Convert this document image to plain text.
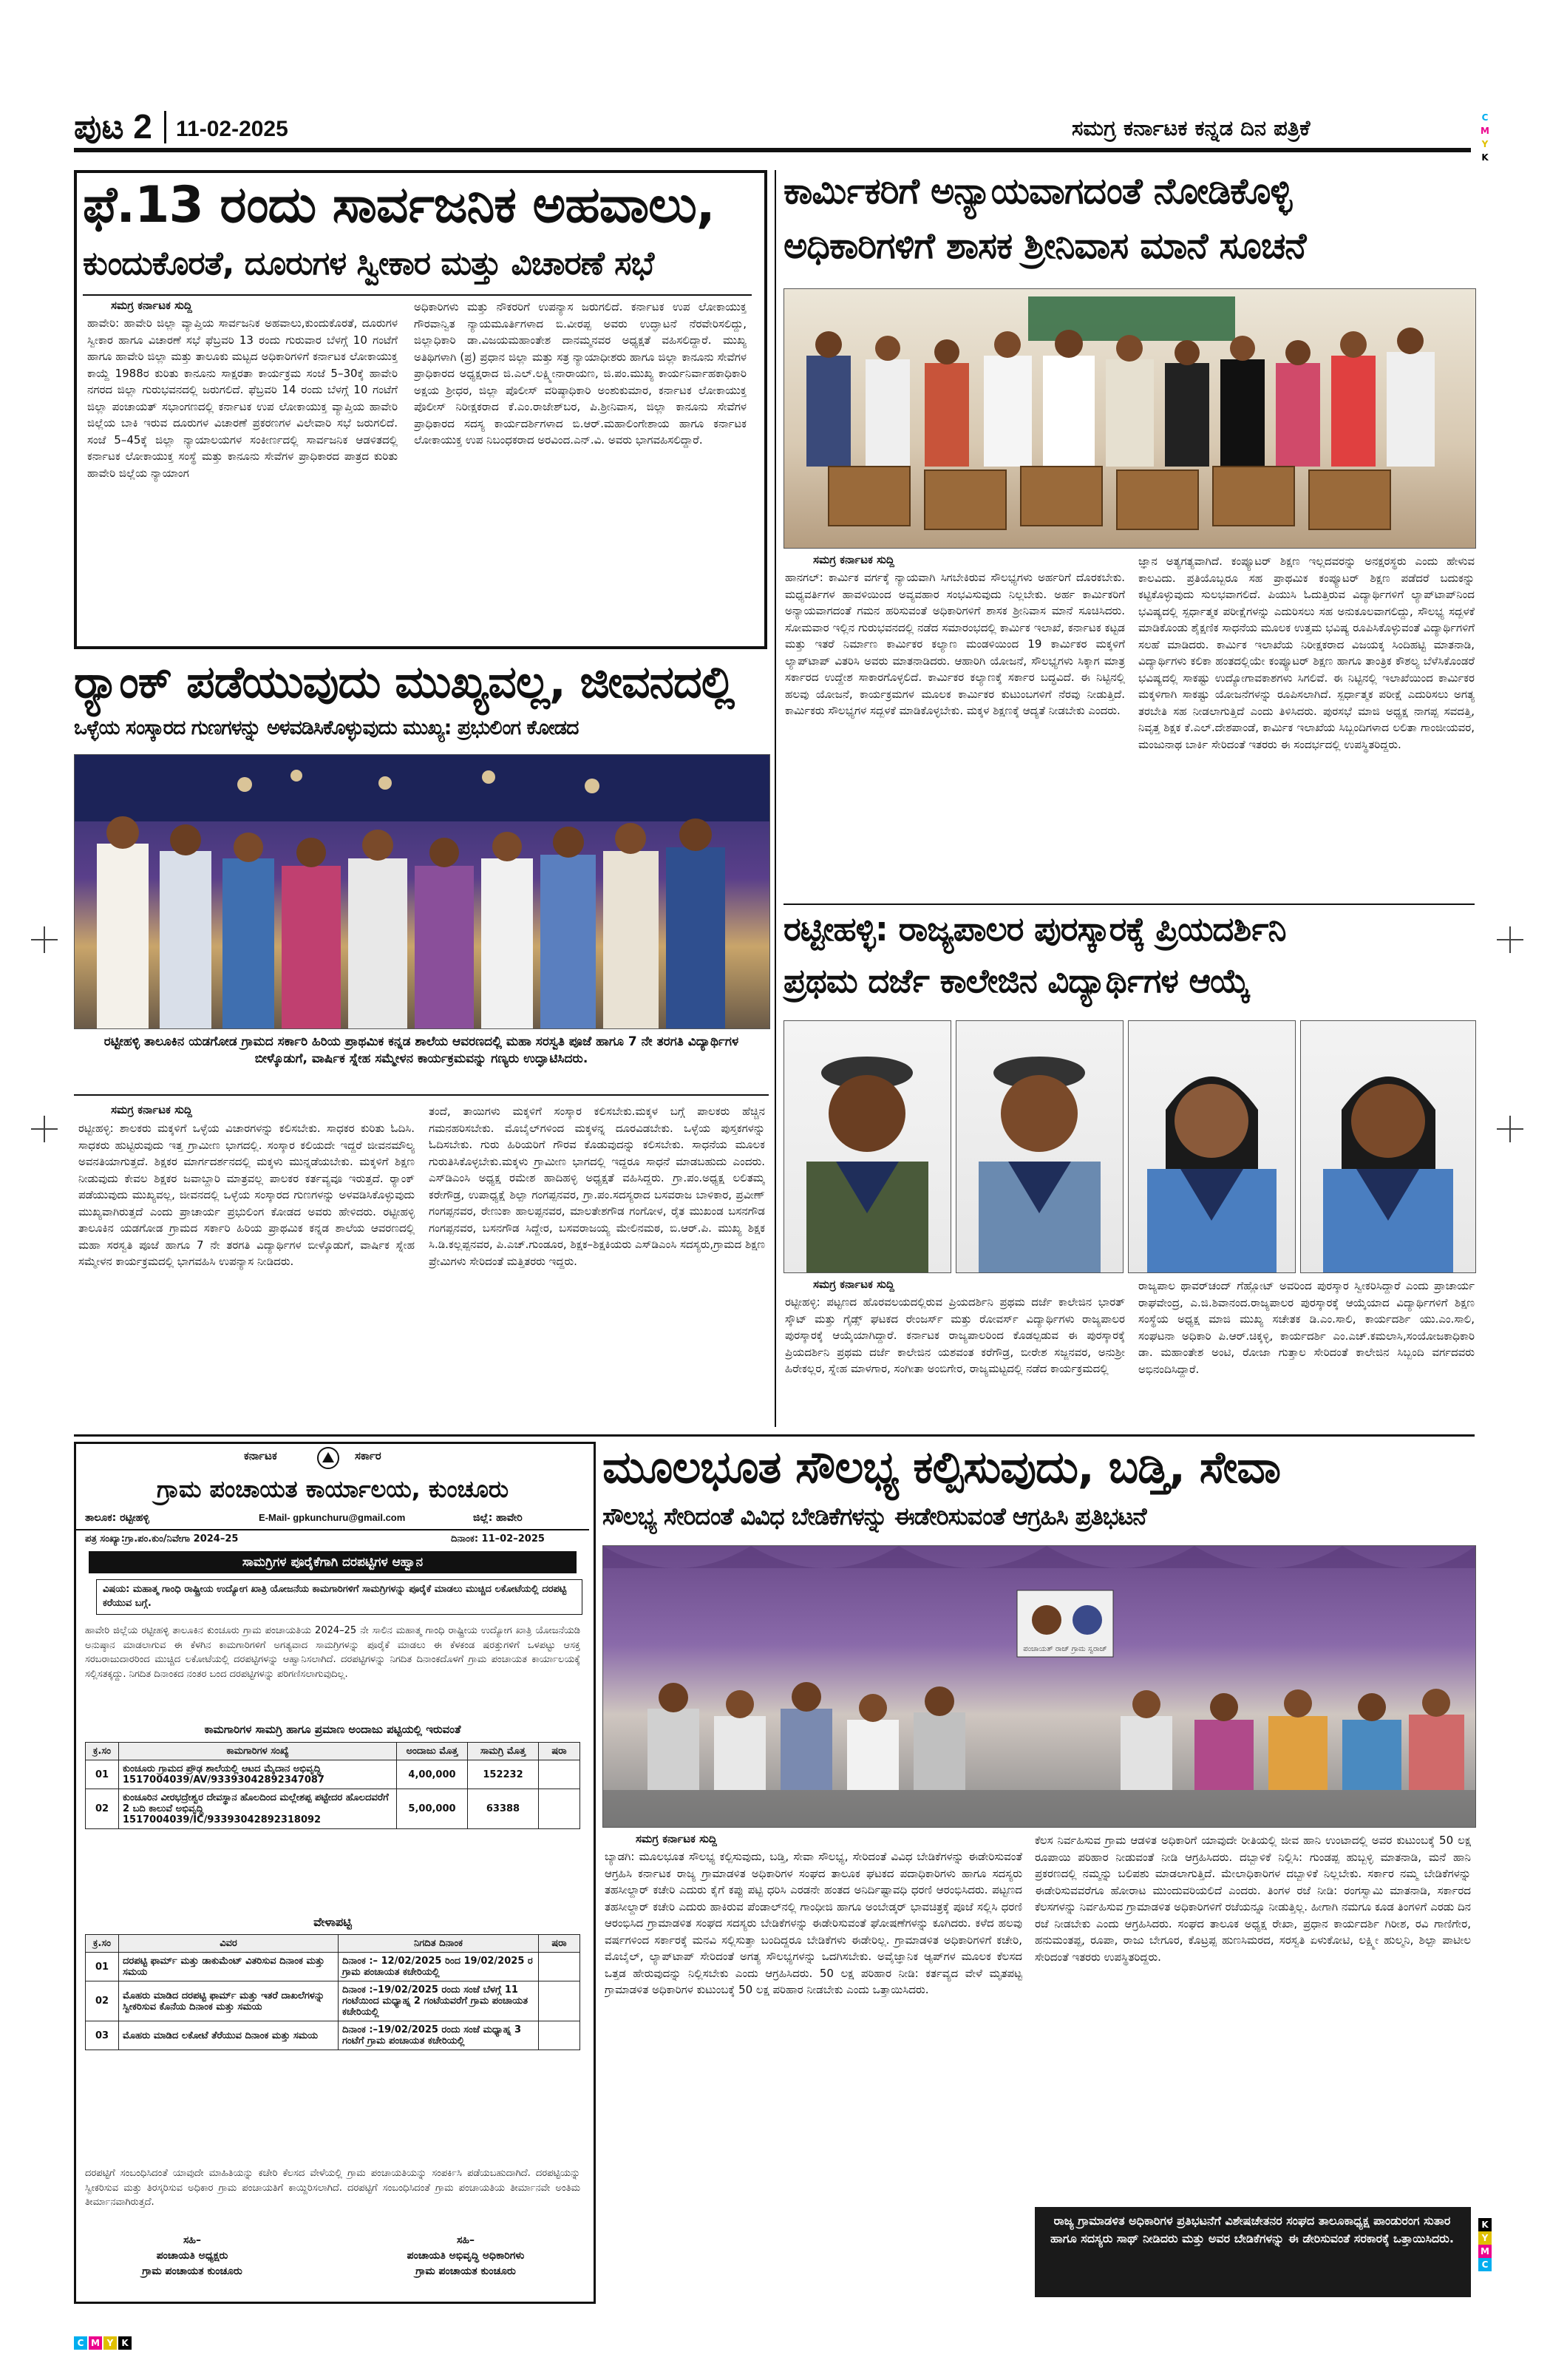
ಪುಟ 2 11-02-2025	ಸಮಗ್ರ ಕರ್ನಾಟಕ ಕನ್ನಡ ದಿನ ಪತ್ರಿಕೆ	C
M
Y
K
ಫೆ.13 ರಂದು ಸಾರ್ವಜನಿಕ ಅಹವಾಲು,
ಕುಂದುಕೊರತೆ, ದೂರುಗಳ ಸ್ವೀಕಾರ ಮತ್ತು ವಿಚಾರಣೆ ಸಭೆ
ಸಮಗ್ರ ಕರ್ನಾಟಕ ಸುದ್ದಿ

ಹಾವೇರಿ: ಹಾವೇರಿ ಜಿಲ್ಲಾ ವ್ಯಾಪ್ತಿಯ ಸಾರ್ವಜನಿಕ ಅಹವಾಲು,ಕುಂದುಕೊರತೆ, ದೂರುಗಳ ಸ್ವೀಕಾರ ಹಾಗೂ ವಿಚಾರಣೆ ಸಭೆ ಫೆಬ್ರವರಿ 13 ರಂದು ಗುರುವಾರ ಬೆಳಗ್ಗೆ 10 ಗಂಟೆಗೆ ಹಾಗೂ ಹಾವೇರಿ ಜಿಲ್ಲಾ ಮತ್ತು ತಾಲೂಕು ಮಟ್ಟದ ಅಧಿಕಾರಿಗಳಿಗೆ ಕರ್ನಾಟಕ ಲೋಕಾಯುಕ್ತ ಕಾಯ್ದೆ 1988ರ ಕುರಿತು ಕಾನೂನು ಸಾಕ್ಷರತಾ ಕಾರ್ಯಕ್ರಮ ಸಂಜೆ 5–30ಕ್ಕೆ ಹಾವೇರಿ ನಗರದ ಜಿಲ್ಲಾ ಗುರುಭವನದಲ್ಲಿ ಜರುಗಲಿದೆ. ಫೆಬ್ರವರಿ 14 ರಂದು ಬೆಳಗ್ಗೆ 10 ಗಂಟೆಗೆ ಜಿಲ್ಲಾ ಪಂಚಾಯತ್ ಸಭಾಂಗಣದಲ್ಲಿ ಕರ್ನಾಟಕ ಉಪ ಲೋಕಾಯುಕ್ತ ವ್ಯಾಪ್ತಿಯ ಹಾವೇರಿ ಜಿಲ್ಲೆಯ ಬಾಕಿ ಇರುವ ದೂರುಗಳ ವಿಚಾರಣೆ ಪ್ರಕರಣಗಳ ವಿಲೇವಾರಿ ಸಭೆ ಜರುಗಲಿದೆ. ಸಂಜೆ 5–45ಕ್ಕೆ ಜಿಲ್ಲಾ ನ್ಯಾಯಾಲಯಗಳ ಸಂಕೀರ್ಣದಲ್ಲಿ ಸಾರ್ವಜನಿಕ ಆಡಳಿತದಲ್ಲಿ ಕರ್ನಾಟಕ ಲೋಕಾಯುಕ್ತ ಸಂಸ್ಥೆ ಮತ್ತು ಕಾನೂನು ಸೇವೆಗಳ ಪ್ರಾಧಿಕಾರದ ಪಾತ್ರದ ಕುರಿತು ಹಾವೇರಿ ಜಿಲ್ಲೆಯ ನ್ಯಾಯಾಂಗ

ಅಧಿಕಾರಿಗಳು ಮತ್ತು ನೌಕರರಿಗೆ ಉಪನ್ಯಾಸ ಜರುಗಲಿದೆ. ಕರ್ನಾಟಕ ಉಪ ಲೋಕಾಯುಕ್ತ ಗೌರವಾನ್ವಿತ ನ್ಯಾಯಮೂರ್ತಿಗಳಾದ ಬಿ.ವೀರಪ್ಪ ಅವರು ಉದ್ಘಾಟನೆ ನೆರವೇರಿಸಲಿದ್ದು, ಜಿಲ್ಲಾಧಿಕಾರಿ ಡಾ.ವಿಜಯಮಹಾಂತೇಶ ದಾನಮ್ಮನವರ ಅಧ್ಯಕ್ಷತೆ ವಹಿಸಲಿದ್ದಾರೆ. ಮುಖ್ಯ ಅತಿಥಿಗಳಾಗಿ (ಪ್ರ) ಪ್ರಧಾನ ಜಿಲ್ಲಾ ಮತ್ತು ಸತ್ರ ನ್ಯಾಯಾಧೀಶರು ಹಾಗೂ ಜಿಲ್ಲಾ ಕಾನೂನು ಸೇವೆಗಳ ಪ್ರಾಧಿಕಾರದ ಅಧ್ಯಕ್ಷರಾದ ಜಿ.ಎಲ್.ಲಕ್ಷ್ಮೀನಾರಾಯಣ, ಜಿ.ಪಂ.ಮುಖ್ಯ ಕಾರ್ಯನಿರ್ವಾಹಕಾಧಿಕಾರಿ ಅಕ್ಷಯ ಶ್ರೀಧರ, ಜಿಲ್ಲಾ ಪೊಲೀಸ್ ವರಿಷ್ಠಾಧಿಕಾರಿ ಅಂಶುಕುಮಾರ, ಕರ್ನಾಟಕ ಲೋಕಾಯುಕ್ತ ಪೊಲೀಸ್ ನಿರೀಕ್ಷಕರಾದ ಕೆ.ಎಂ.ರಾಜೇಶ್‌ಬರ, ಪಿ.ಶ್ರೀನಿವಾಸ, ಜಿಲ್ಲಾ ಕಾನೂನು ಸೇವೆಗಳ ಪ್ರಾಧಿಕಾರದ ಸದಸ್ಯ ಕಾರ್ಯದರ್ಶಿಗಳಾದ ಬಿ.ಆರ್.ಮಹಾಲಿಂಗೇಶಾಯ ಹಾಗೂ ಕರ್ನಾಟಕ ಲೋಕಾಯುಕ್ತ ಉಪ ನಿಬಂಧಕರಾದ ಅರವಿಂದ.ಎನ್.ವಿ. ಅವರು ಭಾಗವಹಿಸಲಿದ್ದಾರೆ.

ರ್‍ಯಾಂಕ್ ಪಡೆಯುವುದು ಮುಖ್ಯವಲ್ಲ, ಜೀವನದಲ್ಲಿ
ಒಳ್ಳೆಯ ಸಂಸ್ಕಾರದ ಗುಣಗಳನ್ನು ಅಳವಡಿಸಿಕೊಳ್ಳುವುದು ಮುಖ್ಯ: ಪ್ರಭುಲಿಂಗ ಕೋಡದ
ರಟ್ಟೀಹಳ್ಳಿ ತಾಲೂಕಿನ ಯಡಗೋಡ ಗ್ರಾಮದ ಸರ್ಕಾರಿ ಹಿರಿಯ ಪ್ರಾಥಮಿಕ ಕನ್ನಡ ಶಾಲೆಯ ಆವರಣದಲ್ಲಿ ಮಹಾ ಸರಸ್ವತಿ ಪೂಜೆ ಹಾಗೂ 7 ನೇ ತರಗತಿ ವಿದ್ಯಾರ್ಥಿಗಳ ಬೀಳ್ಕೊಡುಗೆ, ವಾರ್ಷಿಕ ಸ್ನೇಹ ಸಮ್ಮೇಳನ ಕಾರ್ಯಕ್ರಮವನ್ನು ಗಣ್ಯರು ಉದ್ಘಾಟಿಸಿದರು.
ಸಮಗ್ರ ಕರ್ನಾಟಕ ಸುದ್ದಿ

ರಟ್ಟೀಹಳ್ಳಿ: ಶಾಲಕರು ಮಕ್ಕಳಿಗೆ ಒಳ್ಳೆಯ ವಿಚಾರಗಳನ್ನು ಕಲಿಸಬೇಕು. ಸಾಧಕರ ಕುರಿತು ಓದಿಸಿ. ಸಾಧಕರು ಹುಟ್ಟಿರುವುದು ಇತ್ತ ಗ್ರಾಮೀಣ ಭಾಗದಲ್ಲಿ. ಸಂಸ್ಕಾರ ಕಲಿಯದೇ ಇದ್ದರೆ ಜೀವನಮೌಲ್ಯ ಅವನತಿಯಾಗುತ್ತದೆ. ಶಿಕ್ಷಕರ ಮಾರ್ಗದರ್ಶನದಲ್ಲಿ ಮಕ್ಕಳು ಮುನ್ನಡೆಯಬೇಕು. ಮಕ್ಕಳಿಗೆ ಶಿಕ್ಷಣ ನೀಡುವುದು ಕೇವಲ ಶಿಕ್ಷಕರ ಜವಾಬ್ದಾರಿ ಮಾತ್ರವಲ್ಲ ಪಾಲಕರ ಕರ್ತವ್ಯವೂ ಇರುತ್ತದೆ. ರ್‍ಯಾಂಕ್ ಪಡೆಯುವುದು ಮುಖ್ಯವಲ್ಲ, ಜೀವನದಲ್ಲಿ ಒಳ್ಳೆಯ ಸಂಸ್ಕಾರದ ಗುಣಗಳನ್ನು ಅಳವಡಿಸಿಕೊಳ್ಳುವುದು ಮುಖ್ಯವಾಗಿರುತ್ತದೆ ಎಂದು ಪ್ರಾಚಾರ್ಯ ಪ್ರಭುಲಿಂಗ ಕೋಡದ ಅವರು ಹೇಳಿದರು. ರಟ್ಟೀಹಳ್ಳಿ ತಾಲೂಕಿನ ಯಡಗೋಡ ಗ್ರಾಮದ ಸರ್ಕಾರಿ ಹಿರಿಯ ಪ್ರಾಥಮಿಕ ಕನ್ನಡ ಶಾಲೆಯ ಆವರಣದಲ್ಲಿ ಮಹಾ ಸರಸ್ವತಿ ಪೂಜೆ ಹಾಗೂ 7 ನೇ ತರಗತಿ ವಿದ್ಯಾರ್ಥಿಗಳ ಬೀಳ್ಕೊಡುಗೆ, ವಾರ್ಷಿಕ ಸ್ನೇಹ ಸಮ್ಮೇಳನ ಕಾರ್ಯಕ್ರಮದಲ್ಲಿ ಭಾಗವಹಿಸಿ ಉಪನ್ಯಾಸ ನೀಡಿದರು.

ತಂದೆ, ತಾಯಿಗಳು ಮಕ್ಕಳಿಗೆ ಸಂಸ್ಕಾರ ಕಲಿಸಬೇಕು.ಮಕ್ಕಳ ಬಗ್ಗೆ ಪಾಲಕರು ಹೆಚ್ಚಿನ ಗಮನಹರಿಸಬೇಕು. ಮೊಬೈಲ್‌ಗಳಿಂದ ಮಕ್ಕಳನ್ನ ದೂರವಿಡಬೇಕು. ಒಳ್ಳೆಯ ಪುಸ್ತಕಗಳನ್ನು ಓದಿಸಬೇಕು. ಗುರು ಹಿರಿಯರಿಗೆ ಗೌರವ ಕೊಡುವುದನ್ನು ಕಲಿಸಬೇಕು. ಸಾಧನೆಯ ಮೂಲಕ ಗುರುತಿಸಿಕೊಳ್ಳಬೇಕು.ಮಕ್ಕಳು ಗ್ರಾಮೀಣ ಭಾಗದಲ್ಲಿ ಇದ್ದರೂ ಸಾಧನೆ ಮಾಡಬಹುದು ಎಂದರು. ಎಸ್‌ಡಿಎಂಸಿ ಅಧ್ಯಕ್ಷ ರಮೇಶ ಹಾದಿಹಳ್ಳಿ ಅಧ್ಯಕ್ಷತೆ ವಹಿಸಿದ್ದರು. ಗ್ರಾ.ಪಂ.ಅಧ್ಯಕ್ಷ ಲಲಿತಮ್ಮ ಕರೇಗೌಡ್ರ, ಉಪಾಧ್ಯಕ್ಷೆ ಶಿಲ್ಪಾ ಗಂಗಪ್ಪನವರ, ಗ್ರಾ.ಪಂ.ಸದಸ್ಯರಾದ ಬಸವರಾಜ ಬಾಳಿಕಾರ, ಪ್ರವೀಣ್ ಗಂಗಪ್ಪನವರ, ರೇಣುಕಾ ಹಾಲಪ್ಪನವರ, ಮಾಲತೇಶಗೌಡ ಗಂಗೋಳ, ರೈತ ಮುಖಂಡ ಬಸನಗೌಡ ಗಂಗಪ್ಪನವರ, ಬಸನಗೌಡ ಸಿದ್ದೇರ, ಬಸವರಾಜಯ್ಯ ಮೇಲಿನಮಠ, ಬಿ.ಆರ್.ಪಿ. ಮುಖ್ಯ ಶಿಕ್ಷಕ ಸಿ.ಡಿ.ಕಲ್ಲಪ್ಪನವರ, ಪಿ.ಎಚ್.ಗುಂಡೂರ, ಶಿಕ್ಷಕ–ಶಿಕ್ಷಕಿಯರು ಎಸ್‌ಡಿಎಂಸಿ ಸದಸ್ಯರು,ಗ್ರಾಮದ ಶಿಕ್ಷಣ ಪ್ರೇಮಿಗಳು ಸೇರಿದಂತೆ ಮತ್ತಿತರರು ಇದ್ದರು.

ಕಾರ್ಮಿಕರಿಗೆ ಅನ್ಯಾಯವಾಗದಂತೆ ನೋಡಿಕೊಳ್ಳಿ
ಅಧಿಕಾರಿಗಳಿಗೆ ಶಾಸಕ ಶ್ರೀನಿವಾಸ ಮಾನೆ ಸೂಚನೆ
ಸಮಗ್ರ ಕರ್ನಾಟಕ ಸುದ್ದಿ

ಹಾನಗಲ್: ಕಾರ್ಮಿಕ ವರ್ಗಕ್ಕೆ ನ್ಯಾಯವಾಗಿ ಸಿಗಬೇಕಿರುವ ಸೌಲಭ್ಯಗಳು ಅರ್ಹರಿಗೆ ದೊರಕಬೇಕು. ಮಧ್ಯವರ್ತಿಗಳ ಹಾವಳಿಯಿಂದ ಅವ್ಯವಹಾರ ಸಂಭವಿಸುವುದು ನಿಲ್ಲಬೇಕು. ಅರ್ಹ ಕಾರ್ಮಿಕರಿಗೆ ಅನ್ಯಾಯವಾಗದಂತೆ ಗಮನ ಹರಿಸುವಂತೆ ಅಧಿಕಾರಿಗಳಿಗೆ ಶಾಸಕ ಶ್ರೀನಿವಾಸ ಮಾನೆ ಸೂಚಿಸಿದರು. ಸೋಮವಾರ ಇಲ್ಲಿನ ಗುರುಭವನದಲ್ಲಿ ನಡೆದ ಸಮಾರಂಭದಲ್ಲಿ ಕಾರ್ಮಿಕ ಇಲಾಖೆ, ಕರ್ನಾಟಕ ಕಟ್ಟಡ ಮತ್ತು ಇತರೆ ನಿರ್ಮಾಣ ಕಾರ್ಮಿಕರ ಕಲ್ಯಾಣ ಮಂಡಳಿಯಿಂದ 19 ಕಾರ್ಮಿಕರ ಮಕ್ಕಳಿಗೆ ಲ್ಯಾಪ್‌ಟಾಪ್ ವಿತರಿಸಿ ಅವರು ಮಾತನಾಡಿದರು. ಆಹಾರಿಗಿ ಯೋಜನೆ, ಸೌಲಭ್ಯಗಳು ಸಿಕ್ಕಾಗ ಮಾತ್ರ ಸರ್ಕಾರದ ಉದ್ದೇಶ ಸಾಕಾರಗೊಳ್ಳಲಿದೆ. ಕಾರ್ಮಿಕರ ಕಲ್ಯಾಣಕ್ಕೆ ಸರ್ಕಾರ ಬದ್ಧವಿದೆ. ಈ ನಿಟ್ಟಿನಲ್ಲಿ ಹಲವು ಯೋಜನೆ, ಕಾರ್ಯಕ್ರಮಗಳ ಮೂಲಕ ಕಾರ್ಮಿಕರ ಕುಟುಂಬಗಳಿಗೆ ನೆರವು ನೀಡುತ್ತಿದೆ. ಕಾರ್ಮಿಕರು ಸೌಲಭ್ಯಗಳ ಸದ್ಬಳಕೆ ಮಾಡಿಕೊಳ್ಳಬೇಕು. ಮಕ್ಕಳ ಶಿಕ್ಷಣಕ್ಕೆ ಆದ್ಯತೆ ನೀಡಬೇಕು ಎಂದರು.

ಜ್ಞಾನ ಅತ್ಯಗತ್ಯವಾಗಿದೆ. ಕಂಪ್ಯೂಟರ್ ಶಿಕ್ಷಣ ಇಲ್ಲದವರನ್ನು ಅನಕ್ಷರಸ್ಥರು ಎಂದು ಹೇಳುವ ಕಾಲವಿದು. ಪ್ರತಿಯೊಬ್ಬರೂ ಸಹ ಪ್ರಾಥಮಿಕ ಕಂಪ್ಯೂಟರ್ ಶಿಕ್ಷಣ ಪಡೆದರೆ ಬದುಕನ್ನು ಕಟ್ಟಿಕೊಳ್ಳುವುದು ಸುಲಭವಾಗಲಿದೆ. ಪಿಯುಸಿ ಓದುತ್ತಿರುವ ವಿದ್ಯಾರ್ಥಿಗಳಿಗೆ ಲ್ಯಾಪ್‌ಟಾಪ್‌ನಿಂದ ಭವಿಷ್ಯದಲ್ಲಿ ಸ್ಪರ್ಧಾತ್ಮಕ ಪರೀಕ್ಷೆಗಳನ್ನು ಎದುರಿಸಲು ಸಹ ಅನುಕೂಲವಾಗಲಿದ್ದು, ಸೌಲಭ್ಯ ಸದ್ಬಳಕೆ ಮಾಡಿಕೊಂಡು ಶೈಕ್ಷಣಿಕ ಸಾಧನೆಯ ಮೂಲಕ ಉತ್ತಮ ಭವಿಷ್ಯ ರೂಪಿಸಿಕೊಳ್ಳುವಂತೆ ವಿದ್ಯಾರ್ಥಿಗಳಿಗೆ ಸಲಹೆ ಮಾಡಿದರು. ಕಾರ್ಮಿಕ ಇಲಾಖೆಯ ನಿರೀಕ್ಷಕರಾದ ವಿಜಯಕ್ಕ ಸಿಂದಿಹಟ್ಟಿ ಮಾತನಾಡಿ, ವಿದ್ಯಾರ್ಥಿಗಳು ಕಲಿಕಾ ಹಂತದಲ್ಲಿಯೇ ಕಂಪ್ಯೂಟರ್ ಶಿಕ್ಷಣ ಹಾಗೂ ತಾಂತ್ರಿಕ ಕೌಶಲ್ಯ ಬೆಳೆಸಿಕೊಂಡರೆ ಭವಿಷ್ಯದಲ್ಲಿ ಸಾಕಷ್ಟು ಉದ್ಯೋಗಾವಕಾಶಗಳು ಸಿಗಲಿವೆ. ಈ ನಿಟ್ಟಿನಲ್ಲಿ ಇಲಾಖೆಯಿಂದ ಕಾರ್ಮಿಕರ ಮಕ್ಕಳಿಗಾಗಿ ಸಾಕಷ್ಟು ಯೋಜನೆಗಳನ್ನು ರೂಪಿಸಲಾಗಿದೆ. ಸ್ಪರ್ಧಾತ್ಮಕ ಪರೀಕ್ಷೆ ಎದುರಿಸಲು ಅಗತ್ಯ ತರಬೇತಿ ಸಹ ನೀಡಲಾಗುತ್ತಿದೆ ಎಂದು ತಿಳಿಸಿದರು. ಪುರಸಭೆ ಮಾಜಿ ಅಧ್ಯಕ್ಷ ನಾಗಪ್ಪ ಸವದತ್ತಿ, ನಿವೃತ್ತ ಶಿಕ್ಷಕ ಕೆ.ಎಲ್.ದೇಶಪಾಂಡೆ, ಕಾರ್ಮಿಕ ಇಲಾಖೆಯ ಸಿಬ್ಬಂದಿಗಳಾದ ಲಲಿತಾ ಗಾಂಜೀಯವರ, ಮಂಜುನಾಥ ಬಾರ್ಕಿ ಸೇರಿದಂತೆ ಇತರರು ಈ ಸಂದರ್ಭದಲ್ಲಿ ಉಪಸ್ಥಿತರಿದ್ದರು.

ರಟ್ಟೀಹಳ್ಳಿ: ರಾಜ್ಯಪಾಲರ ಪುರಸ್ಕಾರಕ್ಕೆ ಪ್ರಿಯದರ್ಶಿನಿ
ಪ್ರಥಮ ದರ್ಜೆ ಕಾಲೇಜಿನ ವಿದ್ಯಾರ್ಥಿಗಳ ಆಯ್ಕೆ
ಸಮಗ್ರ ಕರ್ನಾಟಕ ಸುದ್ದಿ

ರಟ್ಟೀಹಳ್ಳಿ: ಪಟ್ಟಣದ ಹೊರವಲಯದಲ್ಲಿರುವ ಪ್ರಿಯದರ್ಶಿನಿ ಪ್ರಥಮ ದರ್ಜೆ ಕಾಲೇಜಿನ ಭಾರತ್ ಸ್ಕೌಟ್ ಮತ್ತು ಗೈಡ್ಸ್ ಘಟಕದ ರೇಂಜರ್ಸ್ ಮತ್ತು ರೋವರ್ಸ್ ವಿದ್ಯಾರ್ಥಿಗಳು ರಾಜ್ಯಪಾಲರ ಪುರಸ್ಕಾರಕ್ಕೆ ಆಯ್ಕೆಯಾಗಿದ್ದಾರೆ. ಕರ್ನಾಟಕ ರಾಜ್ಯಪಾಲರಿಂದ ಕೊಡಲ್ಪಡುವ ಈ ಪುರಸ್ಕಾರಕ್ಕೆ ಪ್ರಿಯದರ್ಶಿನಿ ಪ್ರಥಮ ದರ್ಜೆ ಕಾಲೇಜಿನ ಯಶವಂತ ಕರೆಗೌಡ್ರ, ಬೀರೇಶ ಸಜ್ಜನವರ, ಅನುಶ್ರೀ ಹಿರೇಕಲ್ಲರ, ಸ್ನೇಹ ಮಾಳಗಾರ, ಸಂಗೀತಾ ಅಂಬಿಗೇರ, ರಾಜ್ಯಮಟ್ಟದಲ್ಲಿ ನಡೆದ ಕಾರ್ಯಕ್ರಮದಲ್ಲಿ

ರಾಜ್ಯಪಾಲ ಥಾವರ್‌ಚಂದ್ ಗೆಹ್ಲೋಟ್ ಅವರಿಂದ ಪುರಸ್ಕಾರ ಸ್ವೀಕರಿಸಿದ್ದಾರೆ ಎಂದು ಪ್ರಾಚಾರ್ಯ ರಾಘವೇಂದ್ರ, ಎ.ಜಿ.ಶಿವಾನಂದ.ರಾಜ್ಯಪಾಲರ ಪುರಸ್ಕಾರಕ್ಕೆ ಆಯ್ಕೆಯಾದ ವಿದ್ಯಾರ್ಥಿಗಳಿಗೆ ಶಿಕ್ಷಣ ಸಂಸ್ಥೆಯ ಅಧ್ಯಕ್ಷ ಮಾಜಿ ಮುಖ್ಯ ಸಚೇತಕ ಡಿ.ಎಂ.ಸಾಲಿ, ಕಾರ್ಯದರ್ಶಿ ಯು.ಎಂ.ಸಾಲಿ, ಸಂಘಟನಾ ಅಧಿಕಾರಿ ಪಿ.ಆರ್.ಚಿಕ್ಕಳ್ಳಿ, ಕಾರ್ಯದರ್ಶಿ ಎಂ.ಎಚ್.ಕಮಲಾಸಿ,ಸಂಯೋಜಕಾಧಿಕಾರಿ ಡಾ. ಮಹಾಂತೇಶ ಅಂಟಿ, ರೋಜಾ ಗುತ್ತಾಲ ಸೇರಿದಂತೆ ಕಾಲೇಜಿನ ಸಿಬ್ಬಂದಿ ವರ್ಗದವರು ಅಭಿನಂದಿಸಿದ್ದಾರೆ.

ಕರ್ನಾಟಕ	ಸರ್ಕಾರ
ಗ್ರಾಮ ಪಂಚಾಯತ ಕಾರ್ಯಾಲಯ, ಕುಂಚೂರು
ತಾಲೂಕ: ರಟ್ಟೀಹಳ್ಳಿ	E-Mail- gpkunchuru@gmail.com	ಜಿಲ್ಲೆ: ಹಾವೇರಿ
ಪತ್ರ ಸಂಖ್ಯಾ:ಗ್ರಾ.ಪಂ.ಕುಂ/ನಿವೇಗಾ 2024–25	ದಿನಾಂಕ: 11–02–2025
ಸಾಮಗ್ರಿಗಳ ಪೂರೈಕೆಗಾಗಿ ದರಪಟ್ಟಿಗಳ ಆಹ್ವಾನ
ವಿಷಯ: ಮಹಾತ್ಮ ಗಾಂಧಿ ರಾಷ್ಟ್ರೀಯ ಉದ್ಯೋಗ ಖಾತ್ರಿ ಯೋಜನೆಯ ಕಾಮಗಾರಿಗಳಿಗೆ ಸಾಮಗ್ರಿಗಳನ್ನು ಪೂರೈಕೆ ಮಾಡಲು ಮುಚ್ಚಿದ ಲಕೋಟೆಯಲ್ಲಿ ದರಪಟ್ಟಿ ಕರೆಯುವ ಬಗ್ಗೆ.
ಹಾವೇರಿ ಜಿಲ್ಲೆಯ ರಟ್ಟೀಹಳ್ಳಿ ತಾಲೂಕಿನ ಕುಂಚೂರು ಗ್ರಾಮ ಪಂಚಾಯತಿಯ 2024–25 ನೇ ಸಾಲಿನ ಮಹಾತ್ಮ ಗಾಂಧಿ ರಾಷ್ಟ್ರೀಯ ಉದ್ಯೋಗ ಖಾತ್ರಿ ಯೋಜನೆಯಡಿ ಅನುಷ್ಠಾನ ಮಾಡಲಾಗುವ ಈ ಕೆಳಗಿನ ಕಾಮಗಾರಿಗಳಿಗೆ ಅಗತ್ಯವಾದ ಸಾಮಗ್ರಿಗಳನ್ನು ಪೂರೈಕೆ ಮಾಡಲು ಈ ಕೆಳಕಂಡ ಷರತ್ತುಗಳಿಗೆ ಒಳಪಟ್ಟು ಆಸಕ್ತ ಸರಬರಾಜುದಾರರಿಂದ ಮುಚ್ಚಿದ ಲಕೋಟೆಯಲ್ಲಿ ದರಪಟ್ಟಿಗಳನ್ನು ಆಹ್ವಾನಿಸಲಾಗಿದೆ. ದರಪಟ್ಟಿಗಳನ್ನು ನಿಗದಿತ ದಿನಾಂಕದೊಳಗೆ ಗ್ರಾಮ ಪಂಚಾಯತ ಕಾರ್ಯಾಲಯಕ್ಕೆ ಸಲ್ಲಿಸತಕ್ಕದ್ದು. ನಿಗದಿತ ದಿನಾಂಕದ ನಂತರ ಬಂದ ದರಪಟ್ಟಿಗಳನ್ನು ಪರಿಗಣಿಸಲಾಗುವುದಿಲ್ಲ.
ಕಾಮಗಾರಿಗಳ ಸಾಮಗ್ರಿ ಹಾಗೂ ಪ್ರಮಾಣ ಅಂದಾಜು ಪಟ್ಟಿಯಲ್ಲಿ ಇರುವಂತೆ
ಕ್ರ.ಸಂ	ಕಾಮಗಾರಿಗಳ ಸಂಖ್ಯೆ	ಅಂದಾಜು ಮೊತ್ತ	ಸಾಮಗ್ರಿ ಮೊತ್ತ	ಷರಾ
01	ಕುಂಚೂರು ಗ್ರಾಮದ ಪ್ರೌಢ ಶಾಲೆಯಲ್ಲಿ ಆಟದ ಮೈದಾನ ಅಭಿವೃದ್ಧಿ 1517004039/AV/93393042892347087	4,00,000	152232	
02	ಕುಂಚೂರಿನ ವೀರಭದ್ರೇಶ್ವರ ದೇವಸ್ಥಾನ ಹೊಲದಿಂದ ಮಲ್ಲೇಶಪ್ಪ ಪಟ್ಟೇದರ ಹೊಲದವರೆಗೆ 2 ಬದಿ ಕಾಲುವೆ ಅಭಿವೃದ್ಧಿ 1517004039/IC/93393042892318092	5,00,000	63388	
ವೇಳಾಪಟ್ಟಿ
ಕ್ರ.ಸಂ	ವಿವರ	ನಿಗದಿತ ದಿನಾಂಕ	ಷರಾ
01	ದರಪಟ್ಟಿ ಫಾರ್ಮ್ ಮತ್ತು ಡಾಕುಮೆಂಟ್ ವಿತರಿಸುವ ದಿನಾಂಕ ಮತ್ತು ಸಮಯ	ದಿನಾಂಕ :– 12/02/2025 ರಿಂದ 19/02/2025 ರ ಗ್ರಾಮ ಪಂಚಾಯತ ಕಚೇರಿಯಲ್ಲಿ	
02	ಮೊಹರು ಮಾಡಿದ ದರಪಟ್ಟಿ ಫಾರ್ಮ್ ಮತ್ತು ಇತರೆ ದಾಖಲೆಗಳನ್ನು ಸ್ವೀಕರಿಸುವ ಕೊನೆಯ ದಿನಾಂಕ ಮತ್ತು ಸಮಯ	ದಿನಾಂಕ :–19/02/2025 ರಂದು ಸಂಜೆ ಬೆಳಗ್ಗೆ 11 ಗಂಟೆಯಿಂದ ಮಧ್ಯಾಹ್ನ 2 ಗಂಟೆಯವರೆಗೆ ಗ್ರಾಮ ಪಂಚಾಯತ ಕಚೇರಿಯಲ್ಲಿ	
03	ಮೊಹರು ಮಾಡಿದ ಲಕೋಟೆ ತೆರೆಯುವ ದಿನಾಂಕ ಮತ್ತು ಸಮಯ	ದಿನಾಂಕ :–19/02/2025 ರಂದು ಸಂಜೆ ಮಧ್ಯಾಹ್ನ 3 ಗಂಟೆಗೆ ಗ್ರಾಮ ಪಂಚಾಯತ ಕಚೇರಿಯಲ್ಲಿ	
ದರಪಟ್ಟಿಗೆ ಸಂಬಂಧಿಸಿದಂತೆ ಯಾವುದೇ ಮಾಹಿತಿಯನ್ನು ಕಚೇರಿ ಕೆಲಸದ ವೇಳೆಯಲ್ಲಿ ಗ್ರಾಮ ಪಂಚಾಯತಿಯನ್ನು ಸಂಪರ್ಕಿಸಿ ಪಡೆಯಬಹುದಾಗಿದೆ. ದರಪಟ್ಟಿಯನ್ನು ಸ್ವೀಕರಿಸುವ ಮತ್ತು ತಿರಸ್ಕರಿಸುವ ಅಧಿಕಾರ ಗ್ರಾಮ ಪಂಚಾಯತಿಗೆ ಕಾಯ್ದಿರಿಸಲಾಗಿದೆ. ದರಪಟ್ಟಿಗೆ ಸಂಬಂಧಿಸಿದಂತೆ ಗ್ರಾಮ ಪಂಚಾಯತಿಯ ತೀರ್ಮಾನವೇ ಅಂತಿಮ ತೀರ್ಮಾನವಾಗಿರುತ್ತದೆ.
ಸಹಿ–
ಪಂಚಾಯತಿ ಅಧ್ಯಕ್ಷರು
ಗ್ರಾಮ ಪಂಚಾಯತ ಕುಂಚೂರು
ಸಹಿ–
ಪಂಚಾಯತಿ ಅಭಿವೃದ್ಧಿ ಅಧಿಕಾರಿಗಳು
ಗ್ರಾಮ ಪಂಚಾಯತ ಕುಂಚೂರು
ಮೂಲಭೂತ ಸೌಲಭ್ಯ ಕಲ್ಪಿಸುವುದು, ಬಡ್ತಿ, ಸೇವಾ
ಸೌಲಭ್ಯ ಸೇರಿದಂತೆ ವಿವಿಧ ಬೇಡಿಕೆಗಳನ್ನು ಈಡೇರಿಸುವಂತೆ ಆಗ್ರಹಿಸಿ ಪ್ರತಿಭಟನೆ
ಪಂಚಾಯತ್ ರಾಜ್ ಗ್ರಾಮ ಸ್ವರಾಜ್
ಸಮಗ್ರ ಕರ್ನಾಟಕ ಸುದ್ದಿ

ಬ್ಯಾಡಗಿ: ಮೂಲಭೂತ ಸೌಲಭ್ಯ ಕಲ್ಪಿಸುವುದು, ಬಡ್ತಿ, ಸೇವಾ ಸೌಲಭ್ಯ, ಸೇರಿದಂತೆ ವಿವಿಧ ಬೇಡಿಕೆಗಳನ್ನು ಈಡೇರಿಸುವಂತೆ ಆಗ್ರಹಿಸಿ ಕರ್ನಾಟಕ ರಾಜ್ಯ ಗ್ರಾಮಾಡಳಿತ ಅಧಿಕಾರಿಗಳ ಸಂಘದ ತಾಲೂಕ ಘಟಕದ ಪದಾಧಿಕಾರಿಗಳು ಹಾಗೂ ಸದಸ್ಯರು ತಹಸೀಲ್ದಾರ್ ಕಚೇರಿ ಎದುರು ಕೈಗೆ ಕಪ್ಪು ಪಟ್ಟಿ ಧರಿಸಿ ಎರಡನೇ ಹಂತದ ಅನಿರ್ದಿಷ್ಟಾವಧಿ ಧರಣಿ ಆರಂಭಿಸಿದರು. ಪಟ್ಟಣದ ತಹಸೀಲ್ದಾರ್ ಕಚೇರಿ ಎದುರು ಹಾಕಿರುವ ಪೆಂಡಾಲ್‌ನಲ್ಲಿ ಗಾಂಧೀಜಿ ಹಾಗೂ ಅಂಬೇಡ್ಕರ್ ಭಾವಚಿತ್ರಕ್ಕೆ ಪೂಜೆ ಸಲ್ಲಿಸಿ ಧರಣಿ ಆರಂಭಿಸಿದ ಗ್ರಾಮಾಡಳಿತ ಸಂಘದ ಸದಸ್ಯರು ಬೇಡಿಕೆಗಳನ್ನು ಈಡೇರಿಸುವಂತೆ ಘೋಷಣೆಗಳನ್ನು ಕೂಗಿದರು. ಕಳೆದ ಹಲವು ವರ್ಷಗಳಿಂದ ಸರ್ಕಾರಕ್ಕೆ ಮನವಿ ಸಲ್ಲಿಸುತ್ತಾ ಬಂದಿದ್ದರೂ ಬೇಡಿಕೆಗಳು ಈಡೇರಿಲ್ಲ. ಗ್ರಾಮಾಡಳಿತ ಅಧಿಕಾರಿಗಳಿಗೆ ಕಚೇರಿ, ಮೊಬೈಲ್, ಲ್ಯಾಪ್‌ಟಾಪ್ ಸೇರಿದಂತೆ ಅಗತ್ಯ ಸೌಲಭ್ಯಗಳನ್ನು ಒದಗಿಸಬೇಕು. ಅವೈಜ್ಞಾನಿಕ ಆ್ಯಪ್‌ಗಳ ಮೂಲಕ ಕೆಲಸದ ಒತ್ತಡ ಹೇರುವುದನ್ನು ನಿಲ್ಲಿಸಬೇಕು ಎಂದು ಆಗ್ರಹಿಸಿದರು. 50 ಲಕ್ಷ ಪರಿಹಾರ ನೀಡಿ: ಕರ್ತವ್ಯದ ವೇಳೆ ಮೃತಪಟ್ಟ ಗ್ರಾಮಾಡಳಿತ ಅಧಿಕಾರಿಗಳ ಕುಟುಂಬಕ್ಕೆ 50 ಲಕ್ಷ ಪರಿಹಾರ ನೀಡಬೇಕು ಎಂದು ಒತ್ತಾಯಿಸಿದರು.

ಕೆಲಸ ನಿರ್ವಹಿಸುವ ಗ್ರಾಮ ಆಡಳಿತ ಅಧಿಕಾರಿಗೆ ಯಾವುದೇ ರೀತಿಯಲ್ಲಿ ಜೀವ ಹಾನಿ ಉಂಟಾದಲ್ಲಿ ಅವರ ಕುಟುಂಬಕ್ಕೆ 50 ಲಕ್ಷ ರೂಪಾಯಿ ಪರಿಹಾರ ನೀಡುವಂತೆ ನೀಡಿ ಆಗ್ರಹಿಸಿದರು. ದಬ್ಬಾಳಿಕೆ ನಿಲ್ಲಿಸಿ: ಗುಂಡಪ್ಪ ಹುಬ್ಬಳ್ಳಿ ಮಾತನಾಡಿ, ಮನೆ ಹಾನಿ ಪ್ರಕರಣದಲ್ಲಿ ನಮ್ಮನ್ನು ಬಲಿಪಶು ಮಾಡಲಾಗುತ್ತಿದೆ. ಮೇಲಾಧಿಕಾರಿಗಳ ದಬ್ಬಾಳಿಕೆ ನಿಲ್ಲಬೇಕು. ಸರ್ಕಾರ ನಮ್ಮ ಬೇಡಿಕೆಗಳನ್ನು ಈಡೇರಿಸುವವರೆಗೂ ಹೋರಾಟ ಮುಂದುವರಿಯಲಿದೆ ಎಂದರು. ತಿಂಗಳ ರಜೆ ನೀಡಿ: ರಂಗಸ್ವಾಮಿ ಮಾತನಾಡಿ, ಸರ್ಕಾರದ ಕೆಲಸಗಳನ್ನು ನಿರ್ವಹಿಸುವ ಗ್ರಾಮಾಡಳಿತ ಅಧಿಕಾರಿಗಳಿಗೆ ರಜೆಯನ್ನೂ ನೀಡುತ್ತಿಲ್ಲ. ಹೀಗಾಗಿ ನಮಗೂ ಕೂಡ ತಿಂಗಳಿಗೆ ಎರಡು ದಿನ ರಜೆ ನೀಡಬೇಕು ಎಂದು ಆಗ್ರಹಿಸಿದರು. ಸಂಘದ ತಾಲೂಕ ಅಧ್ಯಕ್ಷ ರೇಖಾ, ಪ್ರಧಾನ ಕಾರ್ಯದರ್ಶಿ ಗಿರೀಶ, ರವಿ ಗಾಣಿಗೇರ, ಹನುಮಂತಪ್ಪ, ರೂಪಾ, ರಾಜು ಬೇಗೂರ, ಕೊಟ್ರಪ್ಪ ಹುಣಸಿಮರದ, ಸರಸ್ವತಿ ಏಳುಕೋಟಿ, ಲಕ್ಷ್ಮೀ ಹುಲ್ಮನಿ, ಶಿಲ್ಪಾ ಪಾಟೀಲ ಸೇರಿದಂತೆ ಇತರರು ಉಪಸ್ಥಿತರಿದ್ದರು.

ರಾಜ್ಯ ಗ್ರಾಮಾಡಳಿತ ಅಧಿಕಾರಿಗಳ ಪ್ರತಿಭಟನೆಗೆ ವಿಶೇಷಚೇತನರ ಸಂಘದ ತಾಲೂಕಾಧ್ಯಕ್ಷ ಪಾಂಡುರಂಗ ಸುತಾರ ಹಾಗೂ ಸದಸ್ಯರು ಸಾಥ್ ನೀಡಿದರು ಮತ್ತು ಅವರ ಬೇಡಿಕೆಗಳನ್ನು ಈ ಡೇರಿಸುವಂತೆ ಸರಕಾರಕ್ಕೆ ಒತ್ತಾಯಿಸಿದರು.
K
Y
M
C
C M Y K
